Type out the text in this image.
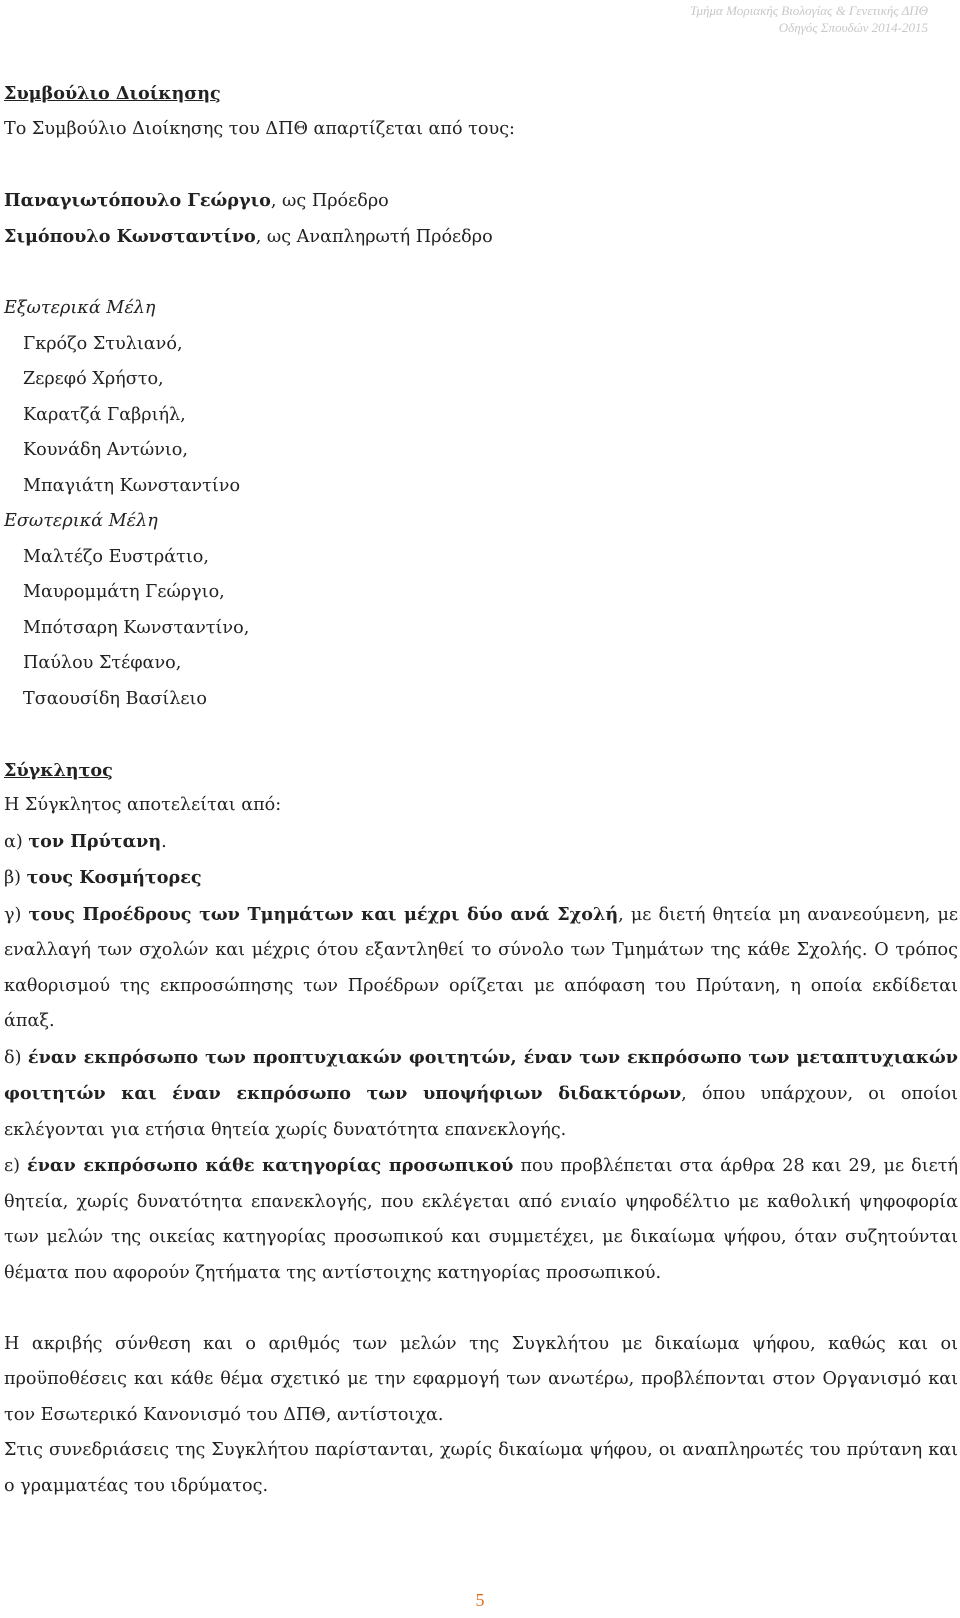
Τμήμα Μοριακής Βιολογίας & Γενετικής ΔΠΘ
Οδηγός Σπουδών 2014-2015
Συμβούλιο Διοίκησης
Το Συμβούλιο Διοίκησης του ΔΠΘ απαρτίζεται από τους:
Παναγιωτόπουλο Γεώργιο, ως Πρόεδρο
Σιμόπουλο Κωνσταντίνο, ως Αναπληρωτή Πρόεδρο
Εξωτερικά Μέλη
Γκρόζο Στυλιανό,
Ζερεφό Χρήστο,
Καρατζά Γαβριήλ,
Κουνάδη Αντώνιο,
Μπαγιάτη Κωνσταντίνο
Εσωτερικά Μέλη
Μαλτέζο Ευστράτιο,
Μαυρομμάτη Γεώργιο,
Μπότσαρη Κωνσταντίνο,
Παύλου Στέφανο,
Τσαουσίδη Βασίλειο
Σύγκλητος
Η Σύγκλητος αποτελείται από:
α) τον Πρύτανη.
β) τους Κοσμήτορες
γ) τους Προέδρους των Τμημάτων και μέχρι δύο ανά Σχολή, με διετή θητεία μη ανανεούμενη, με εναλλαγή των σχολών και μέχρις ότου εξαντληθεί το σύνολο των Τμημάτων της κάθε Σχολής. Ο τρόπος καθορισμού της εκπροσώπησης των Προέδρων ορίζεται με απόφαση του Πρύτανη, η οποία εκδίδεται άπαξ.
δ) έναν εκπρόσωπο των προπτυχιακών φοιτητών, έναν των εκπρόσωπο των μεταπτυχιακών φοιτητών και έναν εκπρόσωπο των υποψήφιων διδακτόρων, όπου υπάρχουν, οι οποίοι εκλέγονται για ετήσια θητεία χωρίς δυνατότητα επανεκλογής.
ε) έναν εκπρόσωπο κάθε κατηγορίας προσωπικού που προβλέπεται στα άρθρα 28 και 29, με διετή θητεία, χωρίς δυνατότητα επανεκλογής, που εκλέγεται από ενιαίο ψηφοδέλτιο με καθολική ψηφοφορία των μελών της οικείας κατηγορίας προσωπικού και συμμετέχει, με δικαίωμα ψήφου, όταν συζητούνται θέματα που αφορούν ζητήματα της αντίστοιχης κατηγορίας προσωπικού.
Η ακριβής σύνθεση και ο αριθμός των μελών της Συγκλήτου με δικαίωμα ψήφου, καθώς και οι προϋποθέσεις και κάθε θέμα σχετικό με την εφαρμογή των ανωτέρω, προβλέπονται στον Οργανισμό και τον Εσωτερικό Κανονισμό του ΔΠΘ, αντίστοιχα.
Στις συνεδριάσεις της Συγκλήτου παρίστανται, χωρίς δικαίωμα ψήφου, οι αναπληρωτές του πρύτανη και ο γραμματέας του ιδρύματος.
5
